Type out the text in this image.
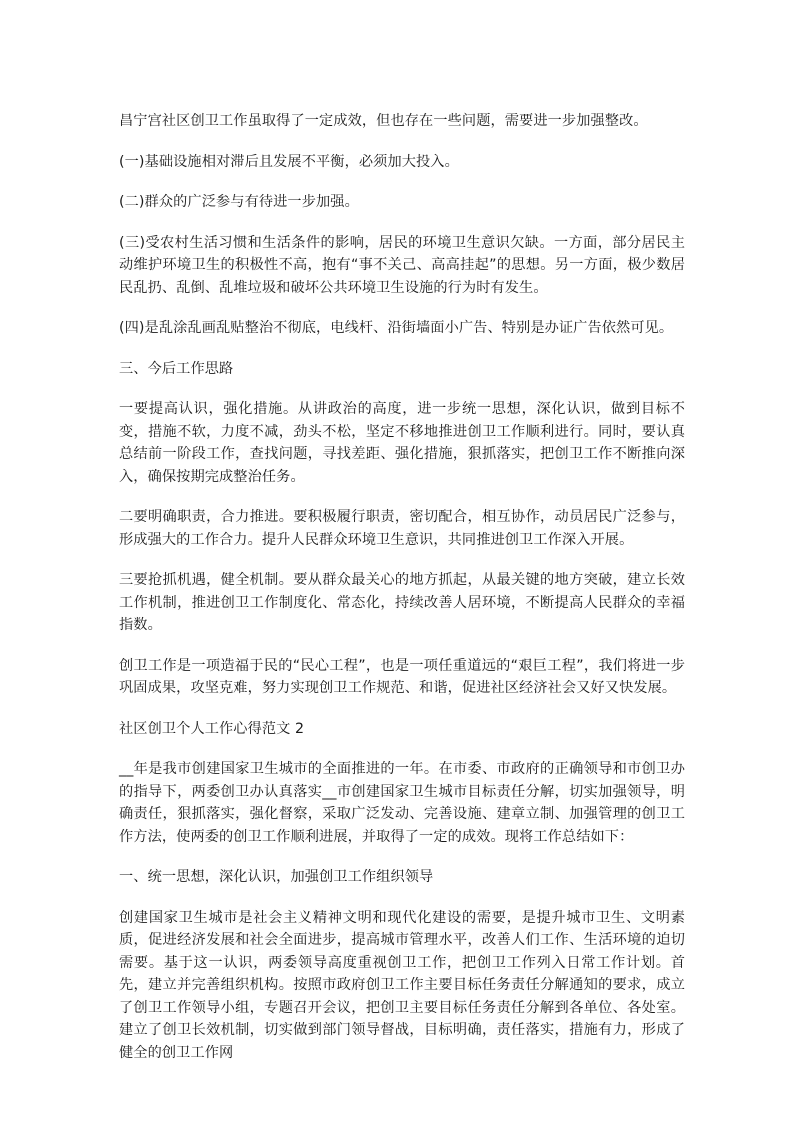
昌宁宫社区创卫工作虽取得了一定成效，但也存在一些问题，需要进一步加强整改。

(一)基础设施相对滞后且发展不平衡，必须加大投入。

(二)群众的广泛参与有待进一步加强。

(三)受农村生活习惯和生活条件的影响，居民的环境卫生意识欠缺。一方面，部分居民主动维护环境卫生的积极性不高，抱有“事不关己、高高挂起”的思想。另一方面，极少数居民乱扔、乱倒、乱堆垃圾和破坏公共环境卫生设施的行为时有发生。

(四)是乱涂乱画乱贴整治不彻底，电线杆、沿街墙面小广告、特别是办证广告依然可见。

三、今后工作思路

一要提高认识，强化措施。从讲政治的高度，进一步统一思想，深化认识，做到目标不变，措施不软，力度不减，劲头不松，坚定不移地推进创卫工作顺利进行。同时，要认真总结前一阶段工作，查找问题，寻找差距、强化措施，狠抓落实，把创卫工作不断推向深入，确保按期完成整治任务。

二要明确职责，合力推进。要积极履行职责，密切配合，相互协作，动员居民广泛参与，形成强大的工作合力。提升人民群众环境卫生意识，共同推进创卫工作深入开展。

三要抢抓机遇，健全机制。要从群众最关心的地方抓起，从最关键的地方突破，建立长效工作机制，推进创卫工作制度化、常态化，持续改善人居环境，不断提高人民群众的幸福指数。

创卫工作是一项造福于民的“民心工程”，也是一项任重道远的“艰巨工程”，我们将进一步巩固成果，攻坚克难，努力实现创卫工作规范、和谐，促进社区经济社会又好又快发展。

社区创卫个人工作心得范文 2

__年是我市创建国家卫生城市的全面推进的一年。在市委、市政府的正确领导和市创卫办的指导下，两委创卫办认真落实__市创建国家卫生城市目标责任分解，切实加强领导，明确责任，狠抓落实，强化督察，采取广泛发动、完善设施、建章立制、加强管理的创卫工作方法，使两委的创卫工作顺利进展，并取得了一定的成效。现将工作总结如下：

一、统一思想，深化认识，加强创卫工作组织领导

创建国家卫生城市是社会主义精神文明和现代化建设的需要，是提升城市卫生、文明素质，促进经济发展和社会全面进步，提高城市管理水平，改善人们工作、生活环境的迫切需要。基于这一认识，两委领导高度重视创卫工作，把创卫工作列入日常工作计划。首先，建立并完善组织机构。按照市政府创卫工作主要目标任务责任分解通知的要求，成立了创卫工作领导小组，专题召开会议，把创卫主要目标任务责任分解到各单位、各处室。建立了创卫长效机制，切实做到部门领导督战，目标明确，责任落实，措施有力，形成了健全的创卫工作网
